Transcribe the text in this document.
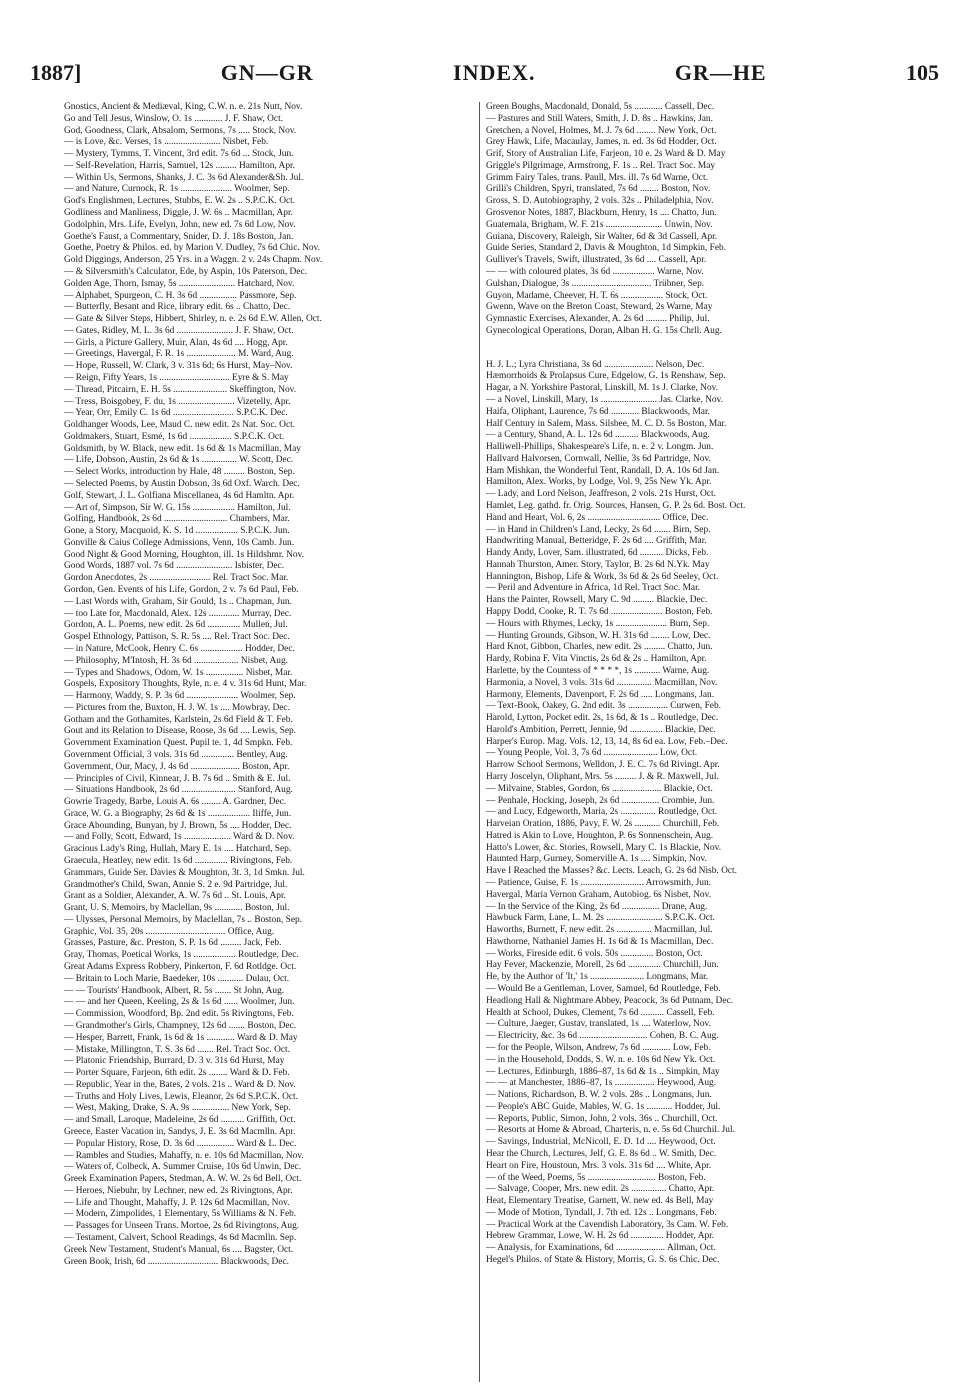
1887]	GN—GR	INDEX.	GR—HE	105
Gnostics, Ancient & Mediæval, King, C.W. n. e. 21s Nutt, Nov.
Go and Tell Jesus, Winslow, O. 1s ............ J. F. Shaw, Oct.
God, Goodness, Clark, Absalom, Sermons, 7s ..... Stock, Nov.
— is Love, &c. Verses, 1s ........................ Nisbet, Feb.
— Mystery, Tymms, T. Vincent, 3rd edit. 7s 6d ... Stock, Jun.
— Self-Revelation, Harris, Samuel, 12s ......... Hamilton, Apr.
— Within Us, Sermons, Shanks, J. C. 3s 6d Alexander&Sh. Jul.
— and Nature, Curnock, R. 1s ...................... Woolmer, Sep.
God's Englishmen, Lectures, Stubbs, E. W. 2s .. S.P.C.K. Oct.
Godliness and Manliness, Diggle, J. W. 6s .. Macmillan, Apr.
Godolphin, Mrs. Life, Evelyn, John, new ed. 7s 6d Low, Nov.
Goethe's Faust, a Commentary, Snider, D. J. 18s Boston, Jan.
Goethe, Poetry & Philos. ed. by Marion V. Dudley, 7s 6d Chic. Nov.
Gold Diggings, Anderson, 25 Yrs. in a Waggn. 2 v. 24s Chapm. Nov.
— & Silversmith's Calculator, Ede, by Aspin, 10s Paterson, Dec.
Golden Age, Thorn, Ismay, 5s ........................ Hatchard, Nov.
— Alphabet, Spurgeon, C. H. 3s 6d ................ Passmore, Sep.
— Butterfly, Besant and Rice, library edit. 6s .. Chatto, Dec.
— Gate & Silver Steps, Hibbert, Shirley, n. e. 2s 6d E.W. Allen, Oct.
— Gates, Ridley, M. L. 3s 6d ........................ J. F. Shaw, Oct.
— Girls, a Picture Gallery, Muir, Alan, 4s 6d .... Hogg, Apr.
— Greetings, Havergal, F. R. 1s ..................... M. Ward, Aug.
— Hope, Russell, W. Clark, 3 v. 31s 6d; 6s Hurst, May–Nov.
— Reign, Fifty Years, 1s .............................. Eyre & S. May
— Thread, Pitcairn, E. H. 5s ....................... Skeffington, Nov.
— Tress, Boisgobey, F. du, 1s ........................ Vizetelly, Apr.
— Year, Orr, Emily C. 1s 6d .......................... S.P.C.K. Dec.
Goldhanger Woods, Lee, Maud C. new edit. 2s Nat. Soc. Oct.
Goldmakers, Stuart, Esmé, 1s 6d .................. S.P.C.K. Oct.
Goldsmith, by W. Black, new edit. 1s 6d & 1s Macmillan, May
— Life, Dobson, Austin, 2s 6d & 1s ............... W. Scott, Dec.
— Select Works, introduction by Hale, 48 ......... Boston, Sep.
— Selected Poems, by Austin Dobson, 3s 6d Oxf. Warch. Dec.
Golf, Stewart, J. L. Golfiana Miscellanea, 4s 6d Hamltn. Apr.
— Art of, Simpson, Sir W. G. 15s .................. Hamilton, Jul.
Golfing, Handbook, 2s 6d ........................... Chambers, Mar.
Gone, a Story, Macquoid, K. S. 1d .................. S.P.C.K. Jun.
Gonville & Caius College Admissions, Venn, 10s Camb. Jun.
Good Night & Good Morning, Houghton, ill. 1s Hildshmr. Nov.
Good Words, 1887 vol. 7s 6d ........................ Isbister, Dec.
Gordon Anecdotes, 2s .......................... Rel. Tract Soc. Mar.
Gordon, Gen. Events of his Life, Gordon, 2 v. 7s 6d Paul, Feb.
— Last Words with, Graham, Sir Gould, 1s .. Chapman, Jun.
— too Late for, Macdonald, Alex. 12s ............. Murray, Dec.
Gordon, A. L. Poems, new edit. 2s 6d .............. Mullen, Jul.
Gospel Ethnology, Pattison, S. R. 5s .... Rel. Tract Soc. Dec.
— in Nature, McCook, Henry C. 6s .................. Hodder, Dec.
— Philosophy, M'Intosh, H. 3s 6d ................... Nisbet, Aug.
— Types and Shadows, Odom, W. 1s ................ Nisbet, Mar.
Gospels, Expository Thoughts, Ryle, n. e. 4 v. 31s 6d Hunt, Mar.
— Harmony, Waddy, S. P. 3s 6d ...................... Woolmer, Sep.
— Pictures from the, Buxton, H. J. W. 1s .... Mowbray, Dec.
Gotham and the Gothamites, Karlstein, 2s 6d Field & T. Feb.
Gout and its Relation to Disease, Roose, 3s 6d .... Lewis, Sep.
Government Examination Quest. Pupil te. 1, 4d Smpkn. Feb.
Government Official, 3 vols. 31s 6d .............. Bentley, Aug.
Government, Our, Macy, J. 4s 6d ..................... Boston, Apr.
— Principles of Civil, Kinnear, J. B. 7s 6d .. Smith & E. Jul.
— Situations Handbook, 2s 6d ....................... Stanford, Aug.
Gowrie Tragedy, Barbe, Louis A. 6s ........ A. Gardner, Dec.
Grace, W. G. a Biography, 2s 6d & 1s .................. Iliffe, Jun.
Grace Abounding, Bunyan, by J. Brown, 5s .... Hodder, Dec.
— and Folly, Scott, Edward, 1s .................... Ward & D. Nov.
Gracious Lady's Ring, Hullah, Mary E. 1s .... Hatchard, Sep.
Graecula, Heatley, new edit. 1s 6d .............. Rivingtons, Feb.
Grammars, Guide Ser. Davies & Moughton, 3t. 3, 1d Smkn. Jul.
Grandmother's Child, Swan, Annie S. 2 e. 9d Partridge, Jul.
Grant as a Soldier, Alexander, A. W. 7s 6d .. St. Louis, Apr.
Grant, U. S. Memoirs, by Maclellan, 9s ............ Boston, Jul.
— Ulysses, Personal Memoirs, by Maclellan, 7s .. Boston, Sep.
Graphic, Vol. 35, 20s .................................. Office, Aug.
Grasses, Pasture, &c. Preston, S. P. 1s 6d ......... Jack, Feb.
Gray, Thomas, Poetical Works, 1s .................. Routledge, Dec.
Great Adams Express Robbery, Pinkerton, F. 6d Rotldge. Oct.
— Britain to Loch Marie, Baedeker, 10s ........... Dulau, Oct.
— — Tourists' Handbook, Albert, R. 5s ....... St John, Aug.
— — and her Queen, Keeling, 2s & 1s 6d ...... Woolmer, Jun.
— Commission, Woodford, Bp. 2nd edit. 5s Rivingtons, Feb.
— Grandmother's Girls, Champney, 12s 6d ....... Boston, Dec.
— Hesper, Barrett, Frank, 1s 6d & 1s ............ Ward & D. May
— Mistake, Millington, T. S. 3s 6d ....... Rel. Tract Soc. Oct.
— Platonic Friendship, Burrard, D. 3 v. 31s 6d Hurst, May
— Porter Square, Farjeon, 6th edit. 2s ........ Ward & D. Feb.
— Republic, Year in the, Bates, 2 vols. 21s .. Ward & D. Nov.
— Truths and Holy Lives, Lewis, Eleanor, 2s 6d S.P.C.K. Oct.
— West, Making, Drake, S. A. 9s ................ New York, Sep.
— and Small, Laroque, Madeleine, 2s 6d .......... Griffith, Oct.
Greece, Easter Vacation in, Sandys, J. E. 3s 6d Macmlln. Apr.
— Popular History, Rose, D. 3s 6d ................ Ward & L. Dec.
— Rambles and Studies, Mahaffy, n. e. 10s 6d Macmillan, Nov.
— Waters of, Colbeck, A. Summer Cruise, 10s 6d Unwin, Dec.
Greek Examination Papers, Stedman, A. W. W. 2s 6d Bell, Oct.
— Heroes, Niebuhr, by Lechner, new ed. 2s Rivingtons, Apr.
— Life and Thought, Mahaffy, J. P. 12s 6d Macmillan, Nov.
— Modern, Zimpolides, 1 Elementary, 5s Williams & N. Feb.
— Passages for Unseen Trans. Mortoe, 2s 6d Rivingtons, Aug.
— Testament, Calvert, School Readings, 4s 6d Macmlln. Sep.
Greek New Testament, Student's Manual, 6s .... Bagster, Oct.
Green Book, Irish, 6d .............................. Blackwoods, Dec.
Green Boughs, Macdonald, Donald, 5s ............ Cassell, Dec.
— Pastures and Still Waters, Smith, J. D. 8s .. Hawkins, Jan.
Gretchen, a Novel, Holmes, M. J. 7s 6d ........ New York, Oct.
Grey Hawk, Life, Macaulay, James, n. ed. 3s 6d Hodder, Oct.
Grif, Story of Australian Life, Farjeon, 10 e. 2s Ward & D. May
Griggle's Pilgrimage, Armstrong, F. 1s .. Rel. Tract Soc. May
Grimm Fairy Tales, trans. Paull, Mrs. ill. 7s 6d Warne, Oct.
Grilli's Children, Spyri, translated, 7s 6d ........ Boston, Nov.
Gross, S. D. Autobiography, 2 vols. 32s .. Philadelphia, Nov.
Grosvenor Notes, 1887, Blackburn, Henry, 1s .... Chatto, Jun.
Guatemala, Brigham, W. F. 21s ........................ Unwin, Nov.
Guiana, Discovery, Raleigh, Sir Walter, 6d & 3d Cassell, Apr.
Guide Series, Standard 2, Davis & Moughton, 1d Simpkin, Feb.
Gulliver's Travels, Swift, illustrated, 3s 6d .... Cassell, Apr.
— — with coloured plates, 3s 6d .................. Warne, Nov.
Gulshan, Dialogue, 3s .................................. Trübner, Sep.
Guyon, Madame, Cheever, H. T. 6s .................. Stock, Oct.
Gwenn, Wave on the Breton Coast, Steward, 2s Warne, May
Gymnastic Exercises, Alexander, A. 2s 6d ......... Philip, Jul.
Gynecological Operations, Doran, Alban H. G. 15s Chrll. Aug.
H. J. L.; Lyra Christiana, 3s 6d ..................... Nelson, Dec.
Hæmorrhoids & Prolapsus Cure, Edgelow, G. 1s Renshaw, Sep.
Hagar, a N. Yorkshire Pastoral, Linskill, M. 1s J. Clarke, Nov.
— a Novel, Linskill, Mary, 1s ........................ Jas. Clarke, Nov.
Haifa, Oliphant, Laurence, 7s 6d ............ Blackwoods, Mar.
Half Century in Salem, Mass. Silsbee, M. C. D. 5s Boston, Mar.
— a Century, Shand, A. L. 12s 6d .......... Blackwoods, Aug.
Halliwell-Phillips, Shakespeare's Life, n. e. 2 v. Longm. Jun.
Hallvard Halvorsen, Cornwall, Nellie, 3s 6d Partridge, Nov.
Ham Mishkan, the Wonderful Tent, Randall, D. A. 10s 6d Jan.
Hamilton, Alex. Works, by Lodge, Vol. 9, 25s New Yk. Apr.
— Lady, and Lord Nelson, Jeaffreson, 2 vols. 21s Hurst, Oct.
Hamlet, Leg. gathd. fr. Orig. Sources, Hansen, G. P. 2s 6d. Bost. Oct.
Hand and Heart, Vol. 6, 2s ............................... Office, Dec.
— in Hand in Children's Land, Lecky, 2s 6d ....... Birn, Sep.
Handwriting Manual, Betteridge, F. 2s 6d .... Griffith, Mar.
Handy Andy, Lover, Sam. illustrated, 6d .......... Dicks, Feb.
Hannah Thurston, Amer. Story, Taylor, B. 2s 6d N.Yk. May
Hannington, Bishop, Life & Work, 3s 6d & 2s 6d Seeley, Oct.
— Peril and Adventure in Africa, 1d Rel. Tract Soc. Mar.
Hans the Painter, Rowsell, Mary C. 9d ......... Blackie, Dec.
Happy Dodd, Cooke, R. T. 7s 6d ...................... Boston, Feb.
— Hours with Rhymes, Lecky, 1s ...................... Burn, Sep.
— Hunting Grounds, Gibson, W. H. 31s 6d ........ Low, Dec.
Hard Knot, Gibbon, Charles, new edit. 2s ......... Chatto, Jun.
Hardy, Robina F. Vita Vinctis, 2s 6d & 2s .. Hamilton, Apr.
Harlette, by the Countess of * * * *, 1s ........... Warne, Aug.
Harmonia, a Novel, 3 vols. 31s 6d ............... Macmillan, Nov.
Harmony, Elements, Davenport, F. 2s 6d ..... Longmans, Jan.
— Text-Book, Oakey, G. 2nd edit. 3s ................. Curwen, Feb.
Harold, Lytton, Pocket edit. 2s, 1s 6d, & 1s .. Routledge, Dec.
Harold's Ambition, Perrett, Jennie, 9d .............. Blackie, Dec.
Harper's Europ. Mag. Vols. 12, 13, 14, 8s 6d ea. Low, Feb.–Dec.
— Young People, Vol. 3, 7s 6d ....................... Low, Oct.
Harrow School Sermons, Welldon, J. E. C. 7s 6d Rivingt. Apr.
Harry Joscelyn, Oliphant, Mrs. 5s ......... J. & R. Maxwell, Jul.
— Milvaine, Stables, Gordon, 6s ..................... Blackie, Oct.
— Penhale, Hocking, Joseph, 2s 6d ................ Crombie, Jun.
— and Lucy, Edgeworth, Maria, 2s ............... Routledge, Oct.
Harveian Oration, 1886, Pavy, F. W. 2s ........... Churchill, Feb.
Hatred is Akin to Love, Houghton, P. 6s Sonnenschein, Aug.
Hatto's Lower, &c. Stories, Rowsell, Mary C. 1s Blackie, Nov.
Haunted Harp, Gurney, Somerville A. 1s .... Simpkin, Nov.
Have I Reached the Masses? &c. Lects. Leach, G. 2s 6d Nisb. Oct.
— Patience, Guise, F. 1s ........................... Arrowsmith, Jun.
Havergal, Maria Vernon Graham, Autobiog. 6s Nisbet, Nov.
— In the Service of the King, 2s 6d ................ Drane, Aug.
Hawbuck Farm, Lane, L. M. 2s ........................ S.P.C.K. Oct.
Haworths, Burnett, F. new edit. 2s ............... Macmillan, Jul.
Hawthorne, Nathaniel James H. 1s 6d & 1s Macmillan, Dec.
— Works, Fireside edit. 6 vols. 50s .............. Boston, Oct.
Hay Fever, Mackenzie, Morell, 2s 6d .............. Churchill, Jun.
He, by the Author of 'It,' 1s ....................... Longmans, Mar.
— Would Be a Gentleman, Lover, Samuel, 6d Routledge, Feb.
Headlong Hall & Nightmare Abbey, Peacock, 3s 6d Putnam, Dec.
Health at School, Dukes, Clement, 7s 6d .......... Cassell, Feb.
— Culture, Jaeger, Gustav, translated, 1s .... Waterlow, Nov.
— Electricity, &c. 3s 6d ............................. Cohen, B. C. Aug.
— for the People, Wilson, Andrew, 7s 6d ............ Low, Feb.
— in the Household, Dodds, S. W. n. e. 10s 6d New Yk. Oct.
— Lectures, Edinburgh, 1886–87, 1s 6d & 1s .. Simpkin, May
— — at Manchester, 1886–87, 1s ................. Heywood, Aug.
— Nations, Richardson, B. W. 2 vols. 28s .. Longmans, Jun.
— People's ABC Guide, Mables, W. G. 1s ........... Hodder, Jul.
— Reports, Public, Simon, John, 2 vols. 36s .. Churchill, Oct.
— Resorts at Home & Abroad, Charteris, n. e. 5s 6d Churchil. Jul.
— Savings, Industrial, McNicoll, E. D. 1d .... Heywood, Oct.
Hear the Church, Lectures, Jelf, G. E. 8s 6d .. W. Smith, Dec.
Heart on Fire, Houstoun, Mrs. 3 vols. 31s 6d .... White, Apr.
— of the Weed, Poems, 5s ............................. Boston, Feb.
— Salvage, Cooper, Mrs. new edit. 2s ............... Chatto, Apr.
Heat, Elementary Treatise, Garnett, W. new ed. 4s Bell, May
— Mode of Motion, Tyndall, J. 7th ed. 12s .. Longmans, Feb.
— Practical Work at the Cavendish Laboratory, 3s Cam. W. Feb.
Hebrew Grammar, Lowe, W. H. 2s 6d .............. Hodder, Apr.
— Analysis, for Examinations, 6d ..................... Allman, Oct.
Hegel's Philos. of State & History, Morris, G. S. 6s Chic. Dec.
